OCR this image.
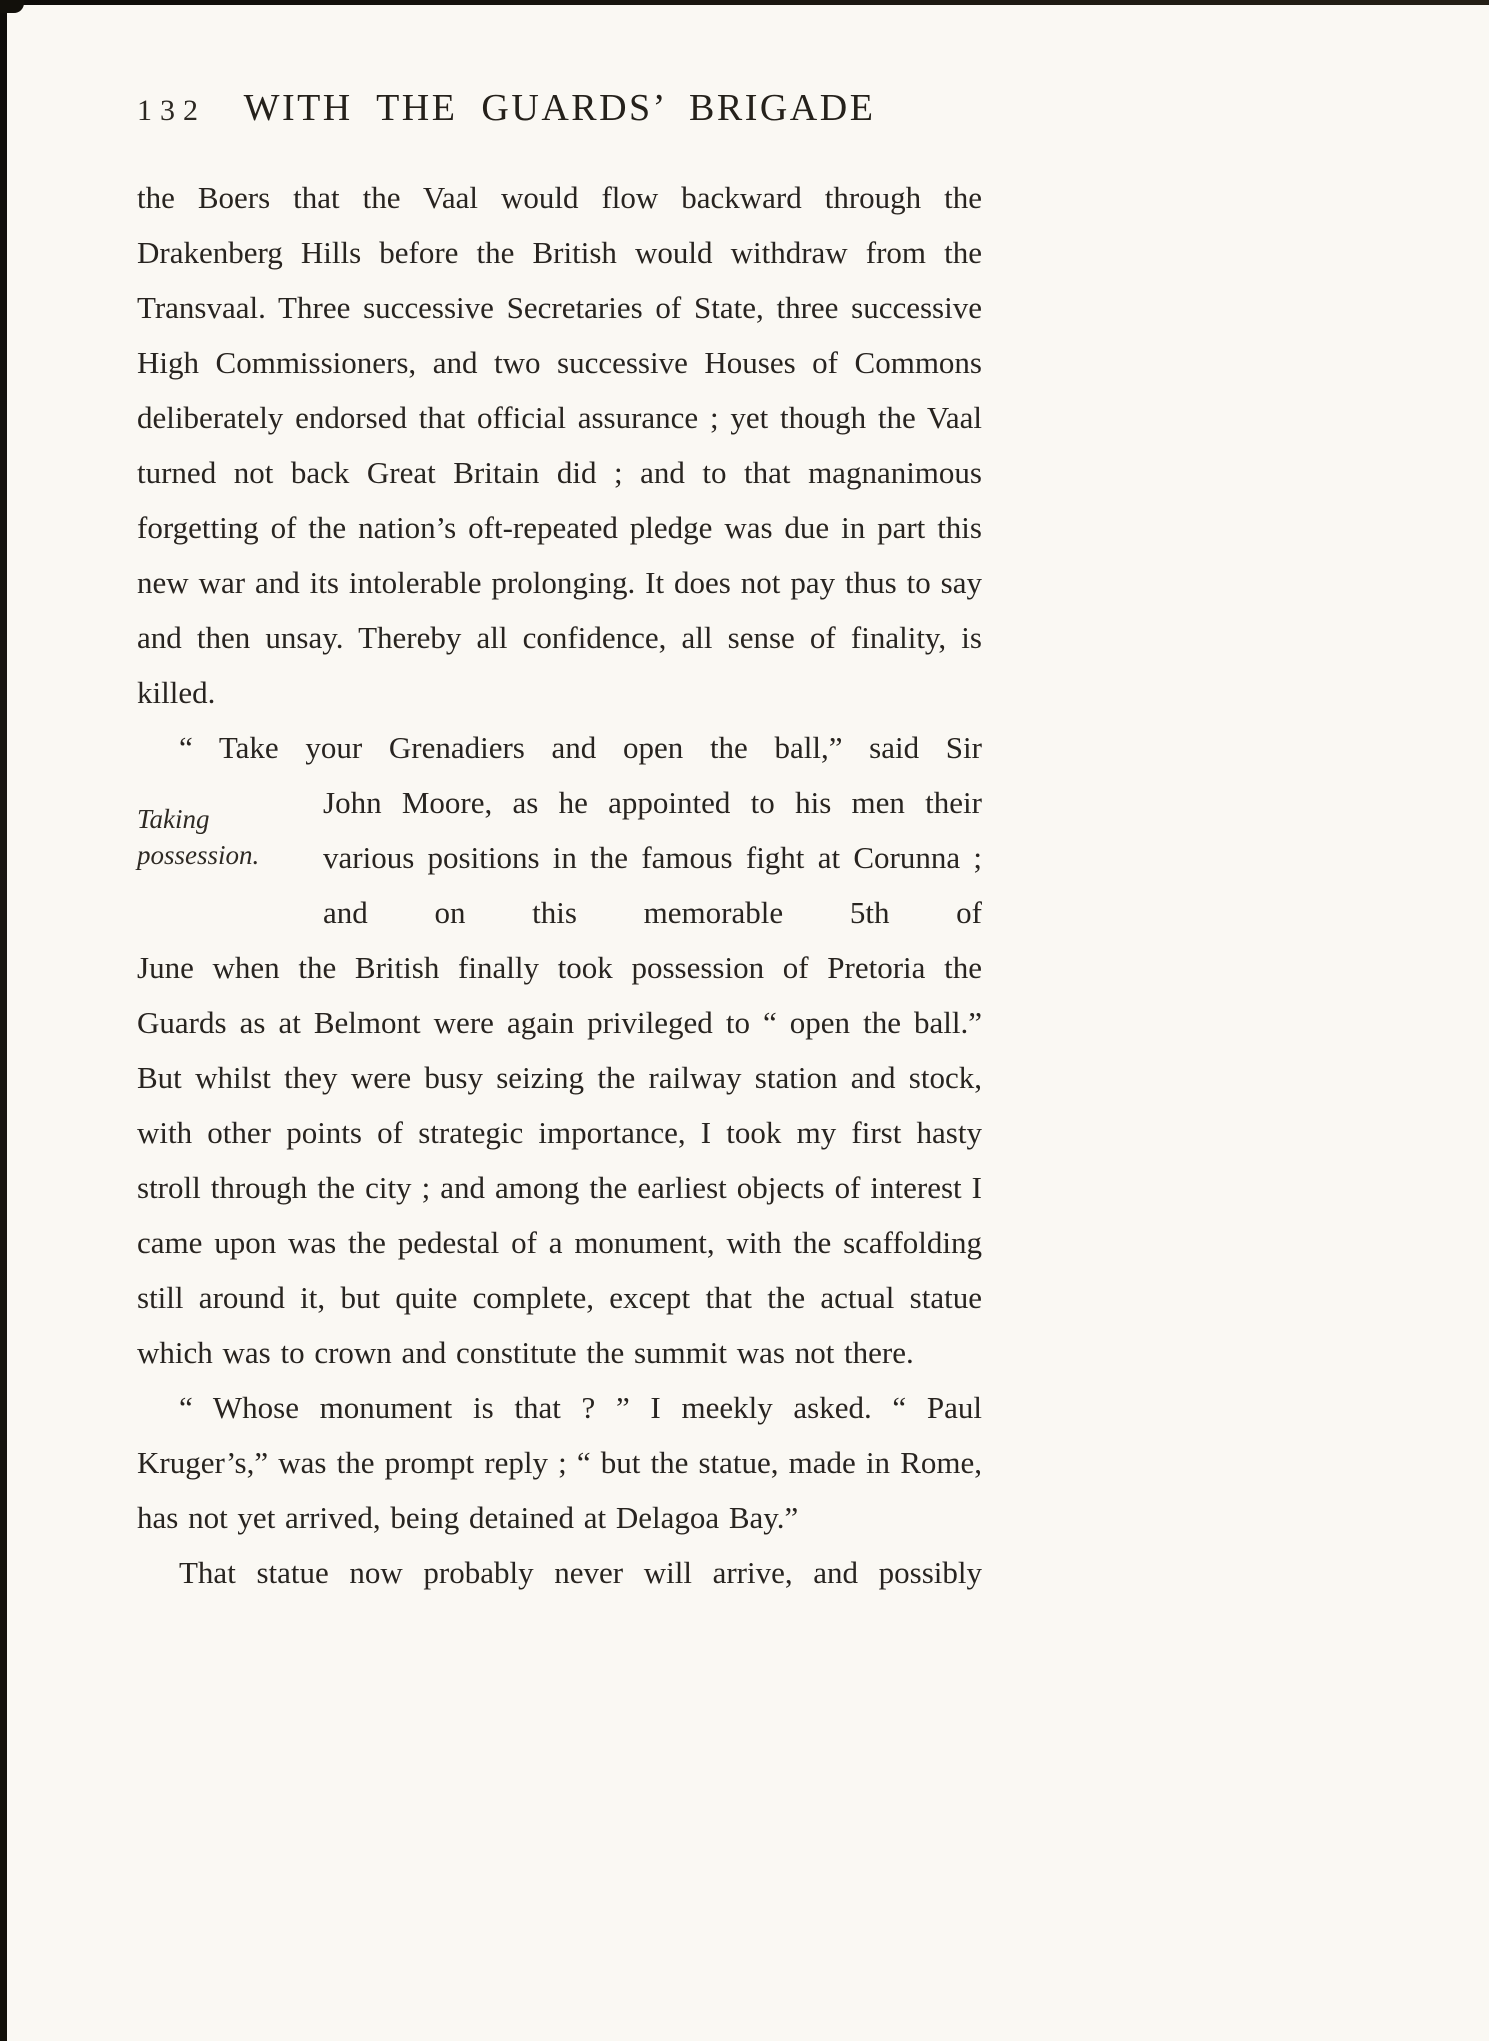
132 WITH THE GUARDS’ BRIGADE

the Boers that the Vaal would flow backward through the Drakenberg Hills before the British would withdraw from the Transvaal. Three successive Secretaries of State, three successive High Commissioners, and two successive Houses of Commons deliberately endorsed that official assurance ; yet though the Vaal turned not back Great Britain did ; and to that magnanimous forgetting of the nation’s oft-repeated pledge was due in part this new war and its intolerable prolonging. It does not pay thus to say and then unsay. Thereby all confidence, all sense of finality, is killed.

“ Take your Grenadiers and open the ball,” said Sir

Taking possession.
John Moore, as he appointed to his men their various positions in the famous fight at Corunna ; and on this memorable 5th of

June when the British finally took possession of Pretoria the Guards as at Belmont were again privileged to “ open the ball.” But whilst they were busy seizing the railway station and stock, with other points of strategic importance, I took my first hasty stroll through the city ; and among the earliest objects of interest I came upon was the pedestal of a monument, with the scaffolding still around it, but quite complete, except that the actual statue which was to crown and constitute the summit was not there.

“ Whose monument is that ? ” I meekly asked. “ Paul Kruger’s,” was the prompt reply ; “ but the statue, made in Rome, has not yet arrived, being detained at Delagoa Bay.”

That statue now probably never will arrive, and possibly
